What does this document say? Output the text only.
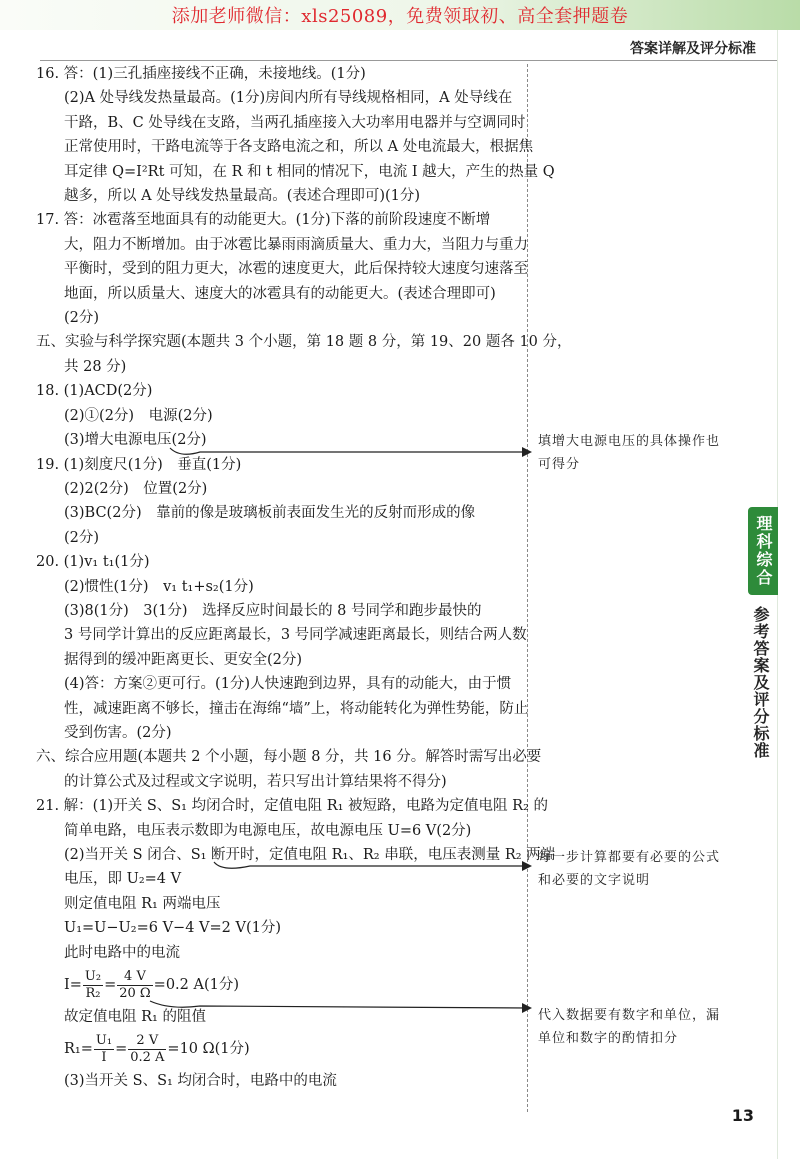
添加老师微信：xls25089，免费领取初、高全套押题卷
答案详解及评分标准

16. 答：(1)三孔插座接线不正确，未接地线。(1分)

(2)A 处导线发热量最高。(1分)房间内所有导线规格相同，A 处导线在

干路，B、C 处导线在支路，当两孔插座接入大功率用电器并与空调同时

正常使用时，干路电流等于各支路电流之和，所以 A 处电流最大，根据焦

耳定律 Q=I²Rt 可知，在 R 和 t 相同的情况下，电流 I 越大，产生的热量 Q

越多，所以 A 处导线发热量最高。(表述合理即可)(1分)

17. 答：冰雹落至地面具有的动能更大。(1分)下落的前阶段速度不断增

大，阻力不断增加。由于冰雹比暴雨雨滴质量大、重力大，当阻力与重力

平衡时，受到的阻力更大，冰雹的速度更大，此后保持较大速度匀速落至

地面，所以质量大、速度大的冰雹具有的动能更大。(表述合理即可)

(2分)

五、实验与科学探究题(本题共 3 个小题，第 18 题 8 分，第 19、20 题各 10 分，

共 28 分)

18. (1)ACD(2分)

(2)①(2分)　电源(2分)

(3)增大电源电压(2分)

19. (1)刻度尺(1分)　垂直(1分)

(2)2(2分)　位置(2分)

(3)BC(2分)　靠前的像是玻璃板前表面发生光的反射而形成的像

(2分)

20. (1)v₁ t₁(1分)

(2)惯性(1分)　v₁ t₁+s₂(1分)

(3)8(1分)　3(1分)　选择反应时间最长的 8 号同学和跑步最快的

3 号同学计算出的反应距离最长，3 号同学减速距离最长，则结合两人数

据得到的缓冲距离更长、更安全(2分)

(4)答：方案②更可行。(1分)人快速跑到边界，具有的动能大，由于惯

性，减速距离不够长，撞击在海绵“墙”上，将动能转化为弹性势能，防止

受到伤害。(2分)

六、综合应用题(本题共 2 个小题，每小题 8 分，共 16 分。解答时需写出必要

的计算公式及过程或文字说明，若只写出计算结果将不得分)

21. 解：(1)开关 S、S₁ 均闭合时，定值电阻 R₁ 被短路，电路为定值电阻 R₂ 的

简单电路，电压表示数即为电源电压，故电源电压 U=6 V(2分)

(2)当开关 S 闭合、S₁ 断开时，定值电阻 R₁、R₂ 串联，电压表测量 R₂ 两端

电压，即 U₂=4 V

则定值电阻 R₁ 两端电压

U₁=U−U₂=6 V−4 V=2 V(1分)

此时电路中的电流

$I= \frac{\text{U₂}}{\text{R₂}} = \frac{4 V}{20 \Omega} =0.2$ A(1分)

故定值电阻 R₁ 的阻值

$R_1= \frac{\text{U₁}}{I} = \frac{2 V}{0.2 A} =10$ Ω(1分)

(3)当开关 S、S₁ 均闭合时，电路中的电流

填增大电源电压的具体操作也
可得分
每一步计算都要有必要的公式
和必要的文字说明
代入数据要有数字和单位，漏
单位和数字的酌情扣分
理科综合
参考答案及评分标准
13
